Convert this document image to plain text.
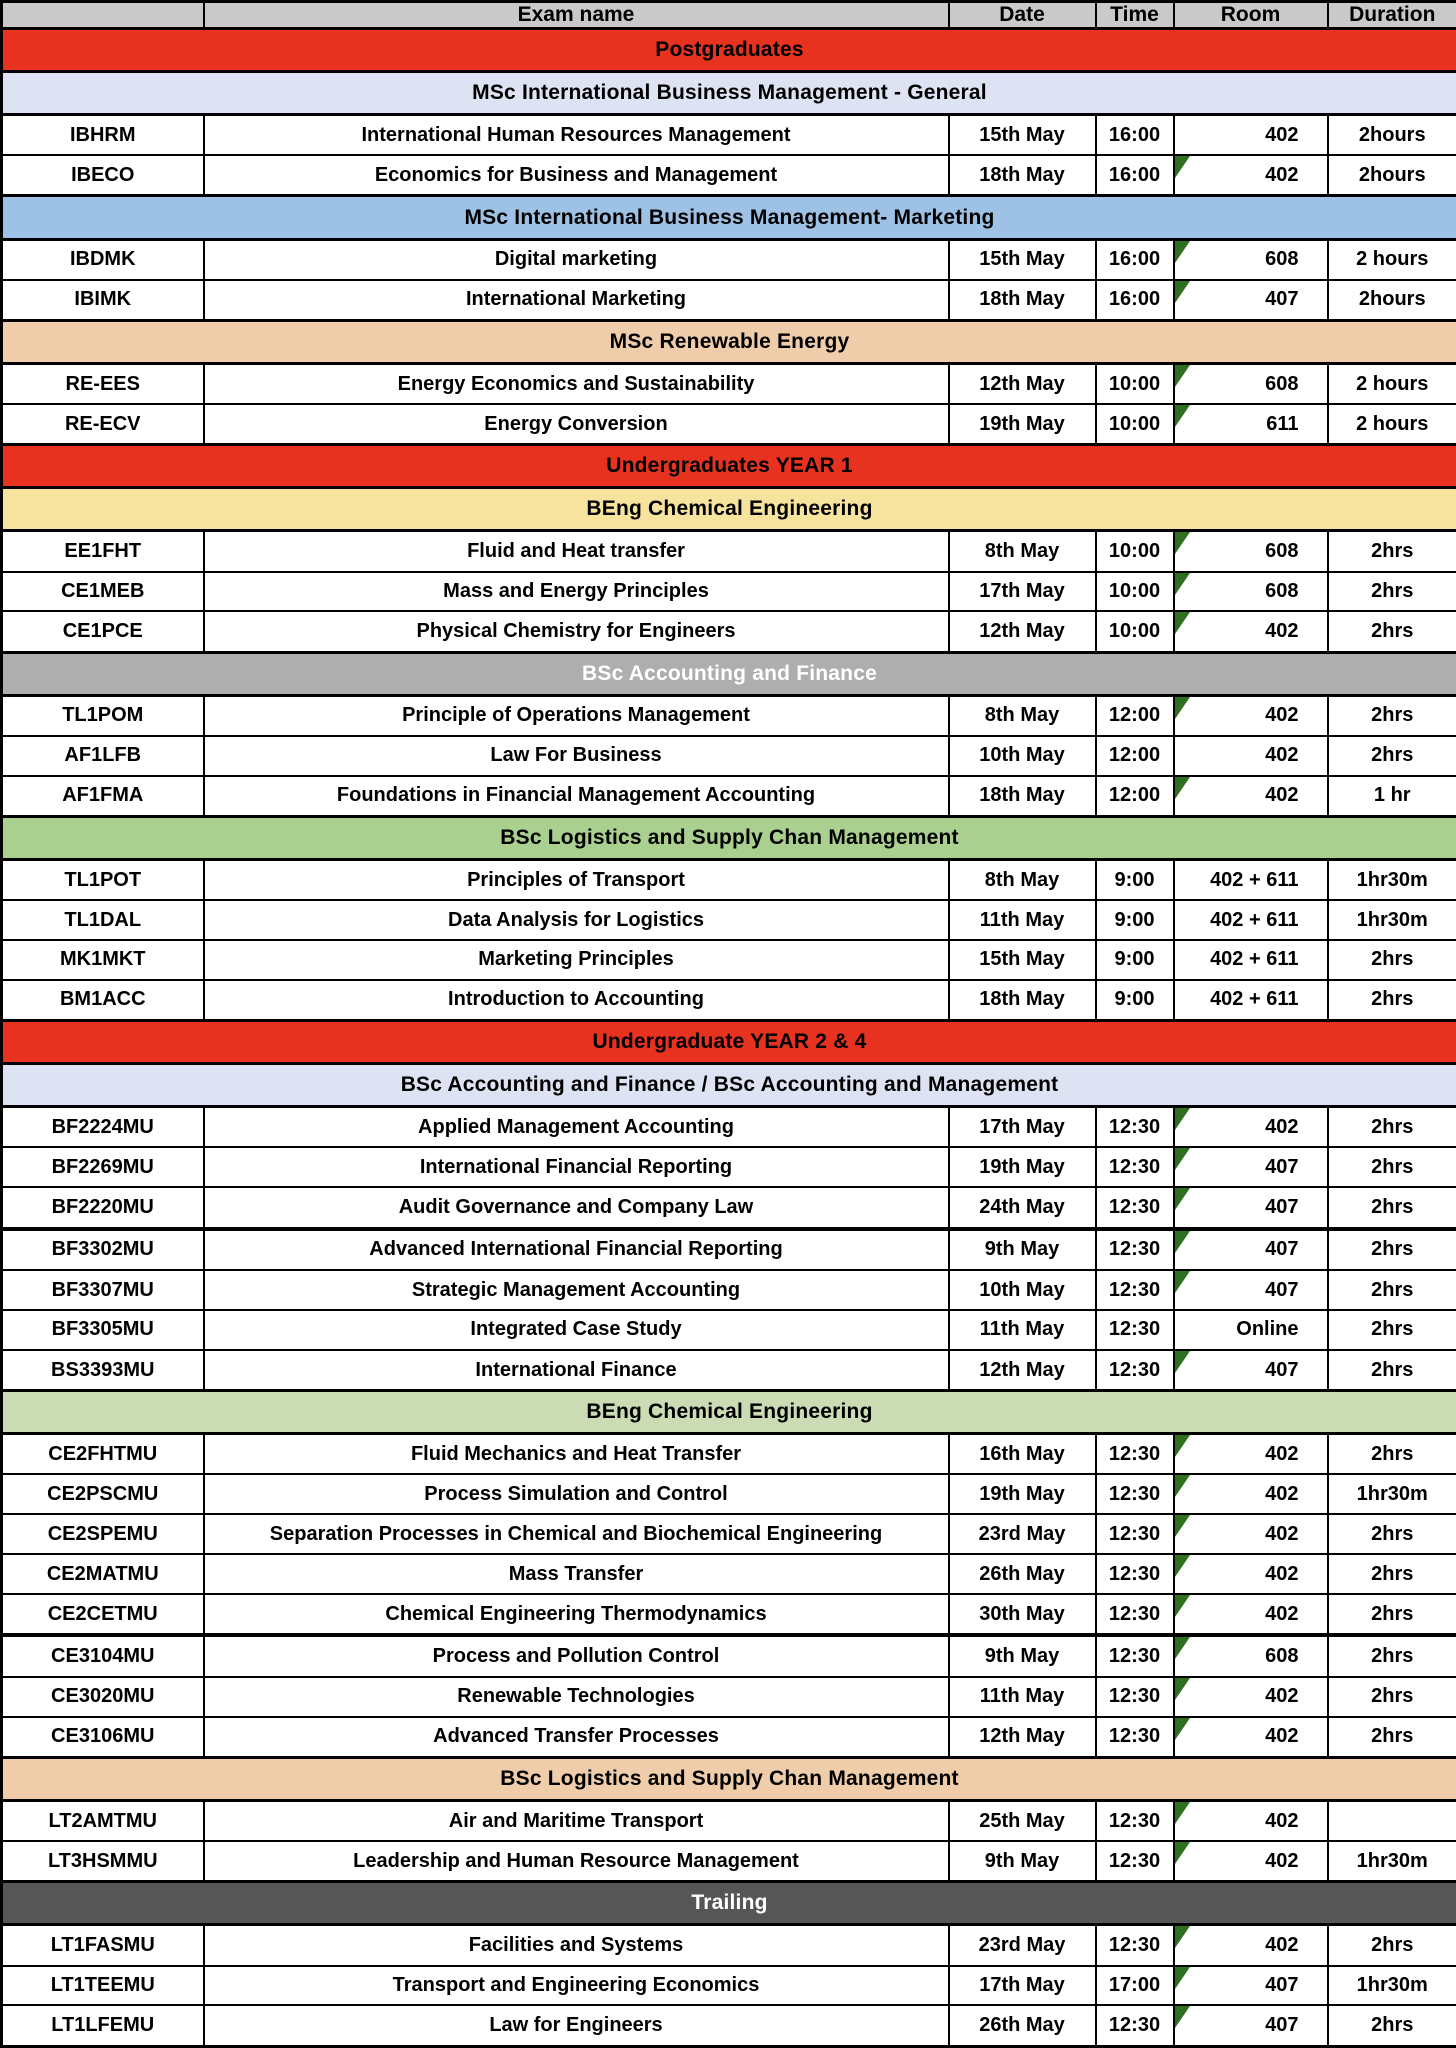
	Exam name	Date	Time	Room	Duration
Postgraduates					
MSc International Business Management - General					
IBHRM	International Human Resources Management	15th May	16:00	402	2hours
IBECO	Economics for Business and Management	18th May	16:00	402	2hours
MSc International Business Management- Marketing					
IBDMK	Digital marketing	15th May	16:00	608	2 hours
IBIMK	International Marketing	18th May	16:00	407	2hours
MSc Renewable Energy					
RE-EES	Energy Economics and Sustainability	12th May	10:00	608	2 hours
RE-ECV	Energy Conversion	19th May	10:00	611	2 hours
Undergraduates YEAR 1					
BEng Chemical Engineering					
EE1FHT	Fluid and Heat transfer	8th May	10:00	608	2hrs
CE1MEB	Mass and Energy Principles	17th May	10:00	608	2hrs
CE1PCE	Physical Chemistry for Engineers	12th May	10:00	402	2hrs
BSc Accounting and Finance					
TL1POM	Principle of Operations Management	8th May	12:00	402	2hrs
AF1LFB	Law For Business	10th May	12:00	402	2hrs
AF1FMA	Foundations in Financial Management Accounting	18th May	12:00	402	1 hr
BSc Logistics and Supply Chan Management					
TL1POT	Principles of Transport	8th May	9:00	402 + 611	1hr30m
TL1DAL	Data Analysis for Logistics	11th May	9:00	402 + 611	1hr30m
MK1MKT	Marketing Principles	15th May	9:00	402 + 611	2hrs
BM1ACC	Introduction to Accounting	18th May	9:00	402 + 611	2hrs
Undergraduate YEAR 2 & 4					
BSc Accounting and Finance / BSc Accounting and Management					
BF2224MU	Applied Management Accounting	17th May	12:30	402	2hrs
BF2269MU	International Financial Reporting	19th May	12:30	407	2hrs
BF2220MU	Audit Governance and Company Law	24th May	12:30	407	2hrs
BF3302MU	Advanced International Financial Reporting	9th May	12:30	407	2hrs
BF3307MU	Strategic Management Accounting	10th May	12:30	407	2hrs
BF3305MU	Integrated Case Study	11th May	12:30	Online	2hrs
BS3393MU	International Finance	12th May	12:30	407	2hrs
BEng Chemical Engineering					
CE2FHTMU	Fluid Mechanics and Heat Transfer	16th May	12:30	402	2hrs
CE2PSCMU	Process Simulation and Control	19th May	12:30	402	1hr30m
CE2SPEMU	Separation Processes in Chemical and Biochemical Engineering	23rd May	12:30	402	2hrs
CE2MATMU	Mass Transfer	26th May	12:30	402	2hrs
CE2CETMU	Chemical Engineering Thermodynamics	30th May	12:30	402	2hrs
CE3104MU	Process and Pollution Control	9th May	12:30	608	2hrs
CE3020MU	Renewable Technologies	11th May	12:30	402	2hrs
CE3106MU	Advanced Transfer Processes	12th May	12:30	402	2hrs
BSc Logistics and Supply Chan Management					
LT2AMTMU	Air and Maritime Transport	25th May	12:30	402

LT3HSMMU	Leadership and Human Resource Management	9th May	12:30	402	1hr30m
Trailing					
LT1FASMU	Facilities and Systems	23rd May	12:30	402	2hrs
LT1TEEMU	Transport and Engineering Economics	17th May	17:00	407	1hr30m
LT1LFEMU	Law for Engineers	26th May	12:30	407	2hrs
